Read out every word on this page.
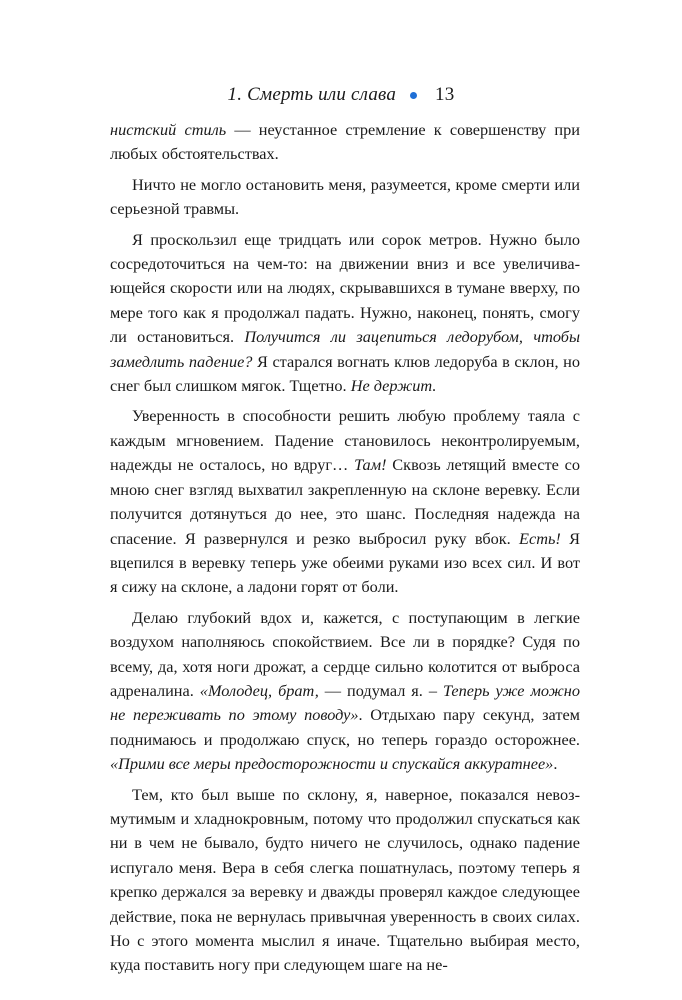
1. Смерть или слава 13

нистский стиль — неустанное стремление к совершенству при любых обстоятельствах.

Ничто не могло остановить меня, разумеется, кроме смерти или серьезной травмы.

Я проскользил еще тридцать или сорок метров. Нужно было сосредоточиться на чем-то: на движении вниз и все увеличивающейся скорости или на людях, скрывавшихся в тумане вверху, по мере того как я продолжал падать. Нужно, наконец, понять, смогу ли остановиться. Получится ли зацепиться ледорубом, чтобы замедлить падение? Я старался вогнать клюв ледоруба в склон, но снег был слишком мягок. Тщетно. Не держит.

Уверенность в способности решить любую проблему таяла с каждым мгновением. Падение становилось неконтролируемым, надежды не осталось, но вдруг… Там! Сквозь летящий вместе со мною снег взгляд выхватил закрепленную на склоне веревку. Если получится дотянуться до нее, это шанс. Последняя надежда на спасение. Я развернулся и резко выбросил руку вбок. Есть! Я вцепился в веревку теперь уже обеими руками изо всех сил. И вот я сижу на склоне, а ладони горят от боли.

Делаю глубокий вдох и, кажется, с поступающим в легкие воздухом наполняюсь спокойствием. Все ли в порядке? Судя по всему, да, хотя ноги дрожат, а сердце сильно колотится от выброса адреналина. «Молодец, брат, — подумал я. – Теперь уже можно не переживать по этому поводу». Отдыхаю пару секунд, затем поднимаюсь и продолжаю спуск, но теперь гораздо осторожнее. «Прими все меры предосторожности и спускайся аккуратнее».

Тем, кто был выше по склону, я, наверное, показался невозмутимым и хладнокровным, потому что продолжил спускаться как ни в чем не бывало, будто ничего не случилось, однако падение испугало меня. Вера в себя слегка пошатнулась, поэтому теперь я крепко держался за веревку и дважды проверял каждое следующее действие, пока не вернулась привычная уверенность в своих силах. Но с этого момента мыслил я иначе. Тщательно выбирая место, куда поставить ногу при следующем шаге на не-
